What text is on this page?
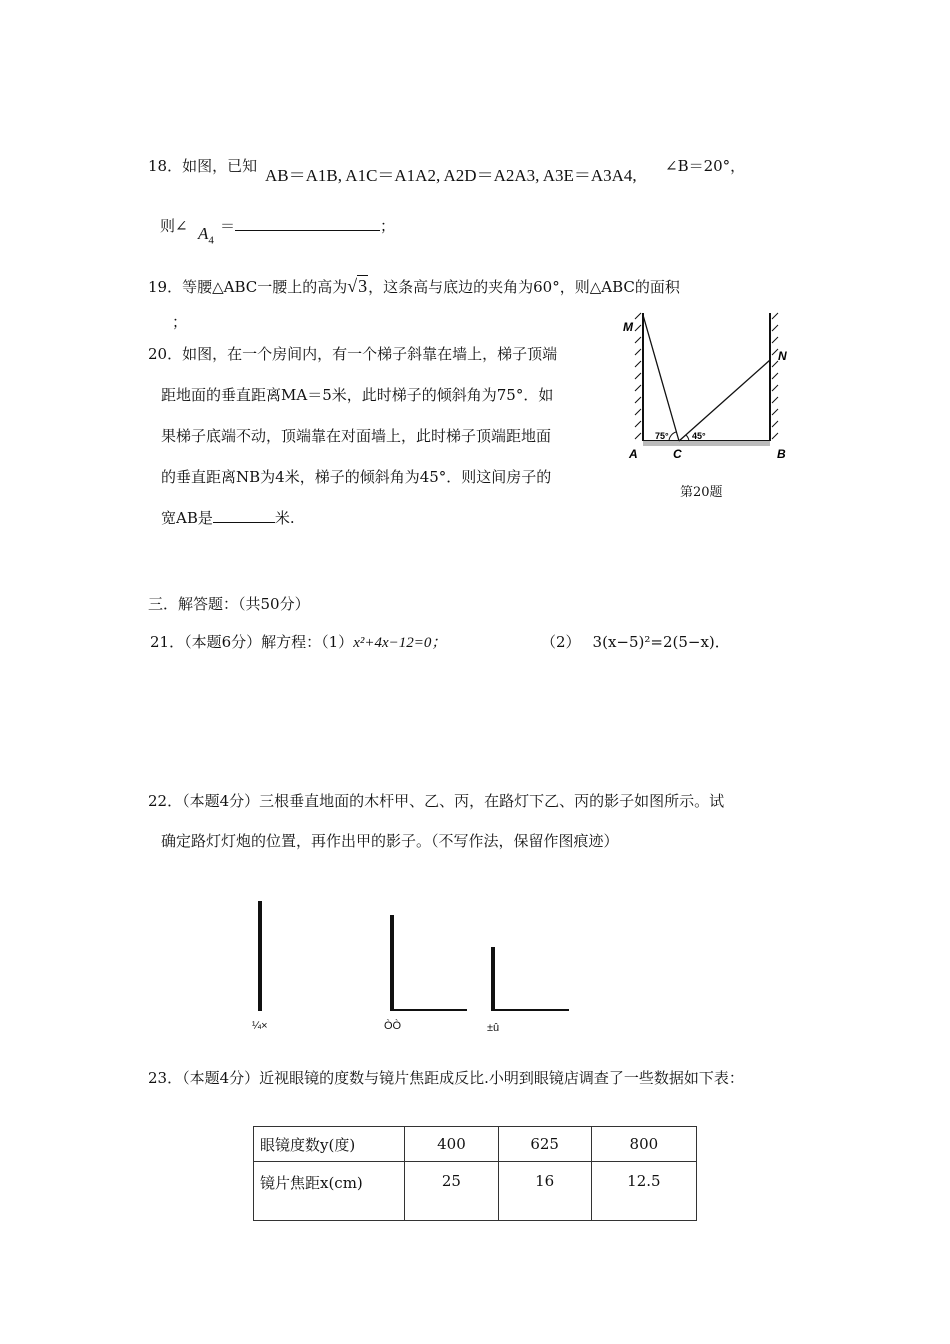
18．如图，已知 AB＝A1B, A1C＝A1A2, A2D＝A2A3, A3E＝A3A4, ∠B＝20°，
则∠ $A_4$
＝	；
19．等腰△ABC一腰上的高为√3，这条高与底边的夹角为60°，则△ABC的面积
；
20．如图，在一个房间内，有一个梯子斜靠在墙上，梯子顶端
距地面的垂直距离MA＝5米，此时梯子的倾斜角为75°．如
果梯子底端不动，顶端靠在对面墙上，此时梯子顶端距地面
的垂直距离NB为4米，梯子的倾斜角为45°．则这间房子的
宽AB是	米.
75°	45°
M
N
A	C	B
第20题
三．解答题：（共50分）
21．（本题6分）解方程：（1）x²+4x−12=0；	（2） 3(x−5)²=2(5−x)．
22．（本题4分）三根垂直地面的木杆甲、乙、丙，在路灯下乙、丙的影子如图所示。试
确定路灯灯炮的位置，再作出甲的影子。（不写作法，保留作图痕迹）
¼×	ÒÒ	±û
23．（本题4分）近视眼镜的度数与镜片焦距成反比.小明到眼镜店调查了一些数据如下表：
眼镜度数y(度)	400	625	800
镜片焦距x(cm)	25	16	12.5
